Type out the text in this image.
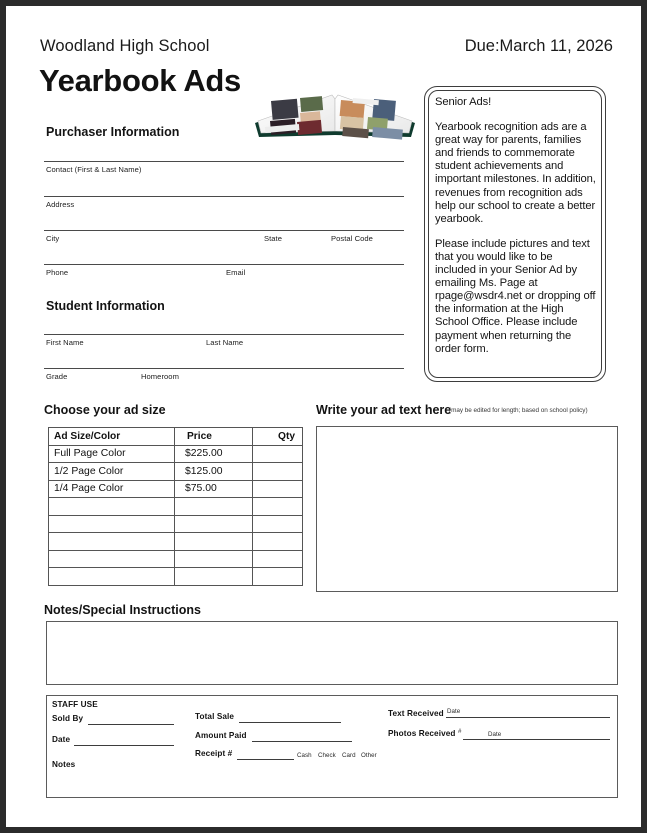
Woodland High School	Due:March 11, 2026
Yearbook Ads
Purchaser Information
Contact (First & Last Name)
Address
City	State	Postal Code
Phone	Email
Student Information
First Name	Last Name
Grade	Homeroom

Senior Ads!

Yearbook recognition ads are a great way for parents, families and friends to commemorate student achievements and important milestones. In addition, revenues from recognition ads help our school to create a better yearbook.

Please include pictures and text that you would like to be included in your Senior Ad by emailing Ms. Page at rpage@wsdr4.net or dropping off the information at the High School Office. Please include payment when returning the order form.

Choose your ad size
Ad Size/Color	Price	Qty
Full Page Color	$225.00	
1/2 Page Color	$125.00	
1/4 Page Color	$75.00	

Write your ad text here
(may be edited for length; based on school policy)
Notes/Special Instructions
STAFF USE
Sold By
Date
Notes
Total Sale
Amount Paid
Receipt #	Cash Check Card Other
Text Received Date
Photos Received #	Date
